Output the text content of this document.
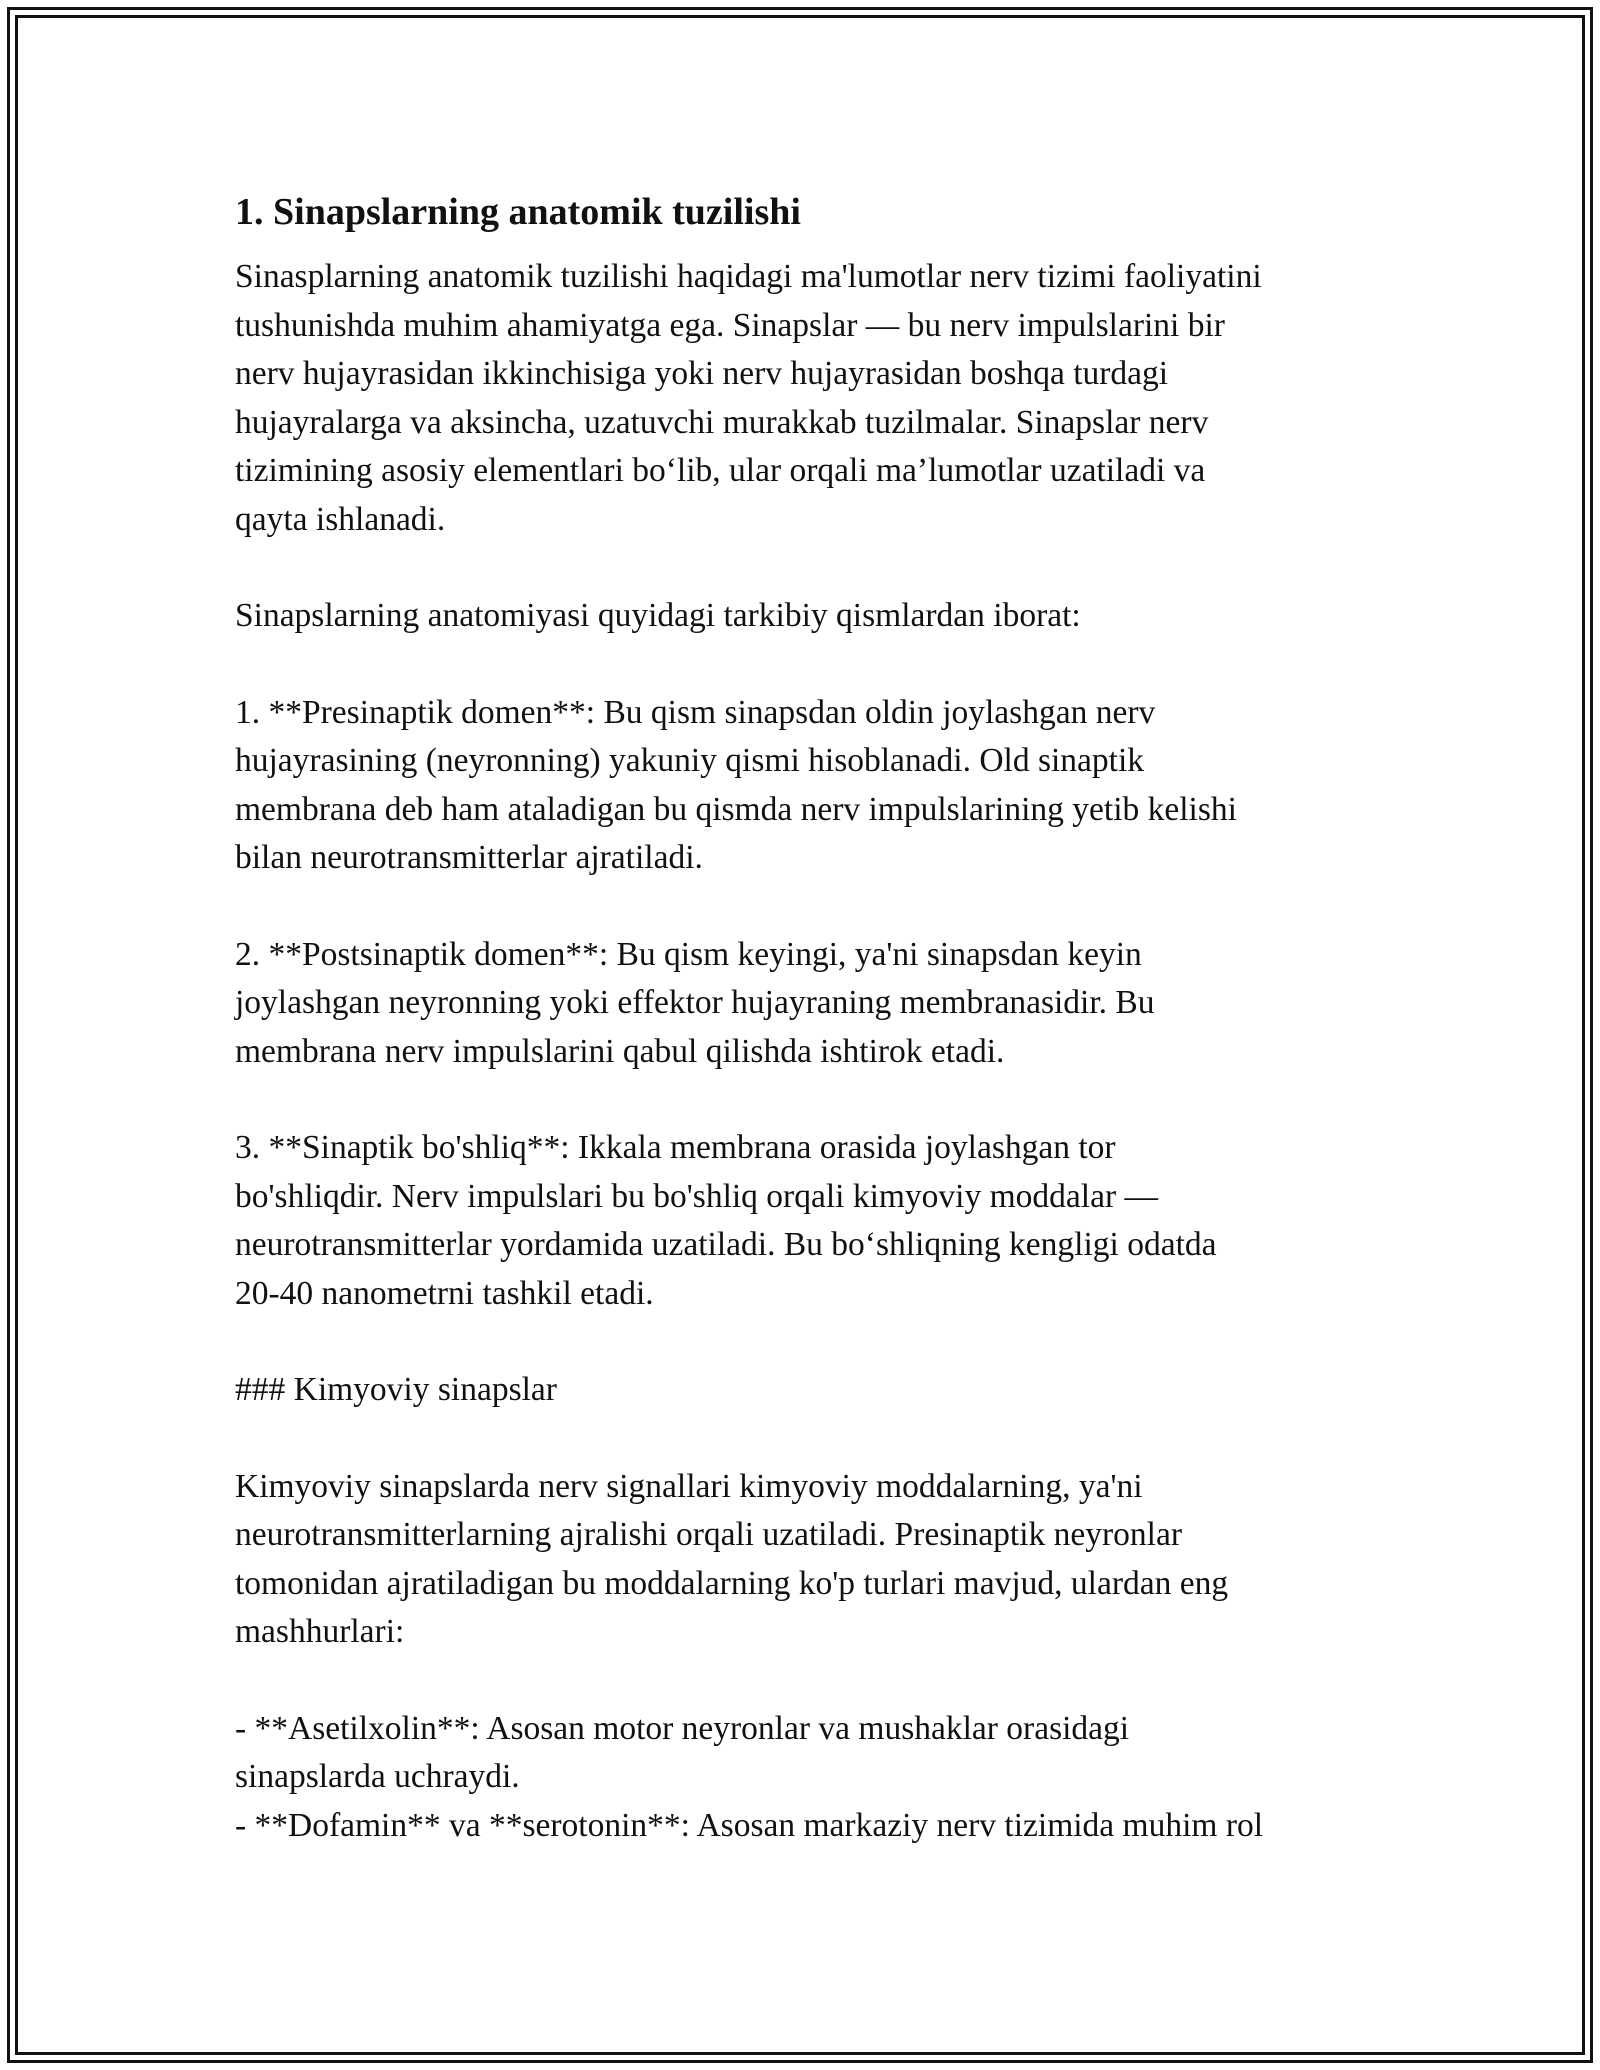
1. Sinapslarning anatomik tuzilishi

Sinasplarning anatomik tuzilishi haqidagi ma'lumotlar nerv tizimi faoliyatini
tushunishda muhim ahamiyatga ega. Sinapslar — bu nerv impulslarini bir
nerv hujayrasidan ikkinchisiga yoki nerv hujayrasidan boshqa turdagi
hujayralarga va aksincha, uzatuvchi murakkab tuzilmalar. Sinapslar nerv
tizimining asosiy elementlari bo‘lib, ular orqali ma’lumotlar uzatiladi va
qayta ishlanadi.

Sinapslarning anatomiyasi quyidagi tarkibiy qismlardan iborat:

1. **Presinaptik domen**: Bu qism sinapsdan oldin joylashgan nerv
hujayrasining (neyronning) yakuniy qismi hisoblanadi. Old sinaptik
membrana deb ham ataladigan bu qismda nerv impulslarining yetib kelishi
bilan neurotransmitterlar ajratiladi.

2. **Postsinaptik domen**: Bu qism keyingi, ya'ni sinapsdan keyin
joylashgan neyronning yoki effektor hujayraning membranasidir. Bu
membrana nerv impulslarini qabul qilishda ishtirok etadi.

3. **Sinaptik bo'shliq**: Ikkala membrana orasida joylashgan tor
bo'shliqdir. Nerv impulslari bu bo'shliq orqali kimyoviy moddalar —
neurotransmitterlar yordamida uzatiladi. Bu bo‘shliqning kengligi odatda
20-40 nanometrni tashkil etadi.

### Kimyoviy sinapslar

Kimyoviy sinapslarda nerv signallari kimyoviy moddalarning, ya'ni
neurotransmitterlarning ajralishi orqali uzatiladi. Presinaptik neyronlar
tomonidan ajratiladigan bu moddalarning ko'p turlari mavjud, ulardan eng
mashhurlari:

- **Asetilxolin**: Asosan motor neyronlar va mushaklar orasidagi
sinapslarda uchraydi.
- **Dofamin** va **serotonin**: Asosan markaziy nerv tizimida muhim rol
